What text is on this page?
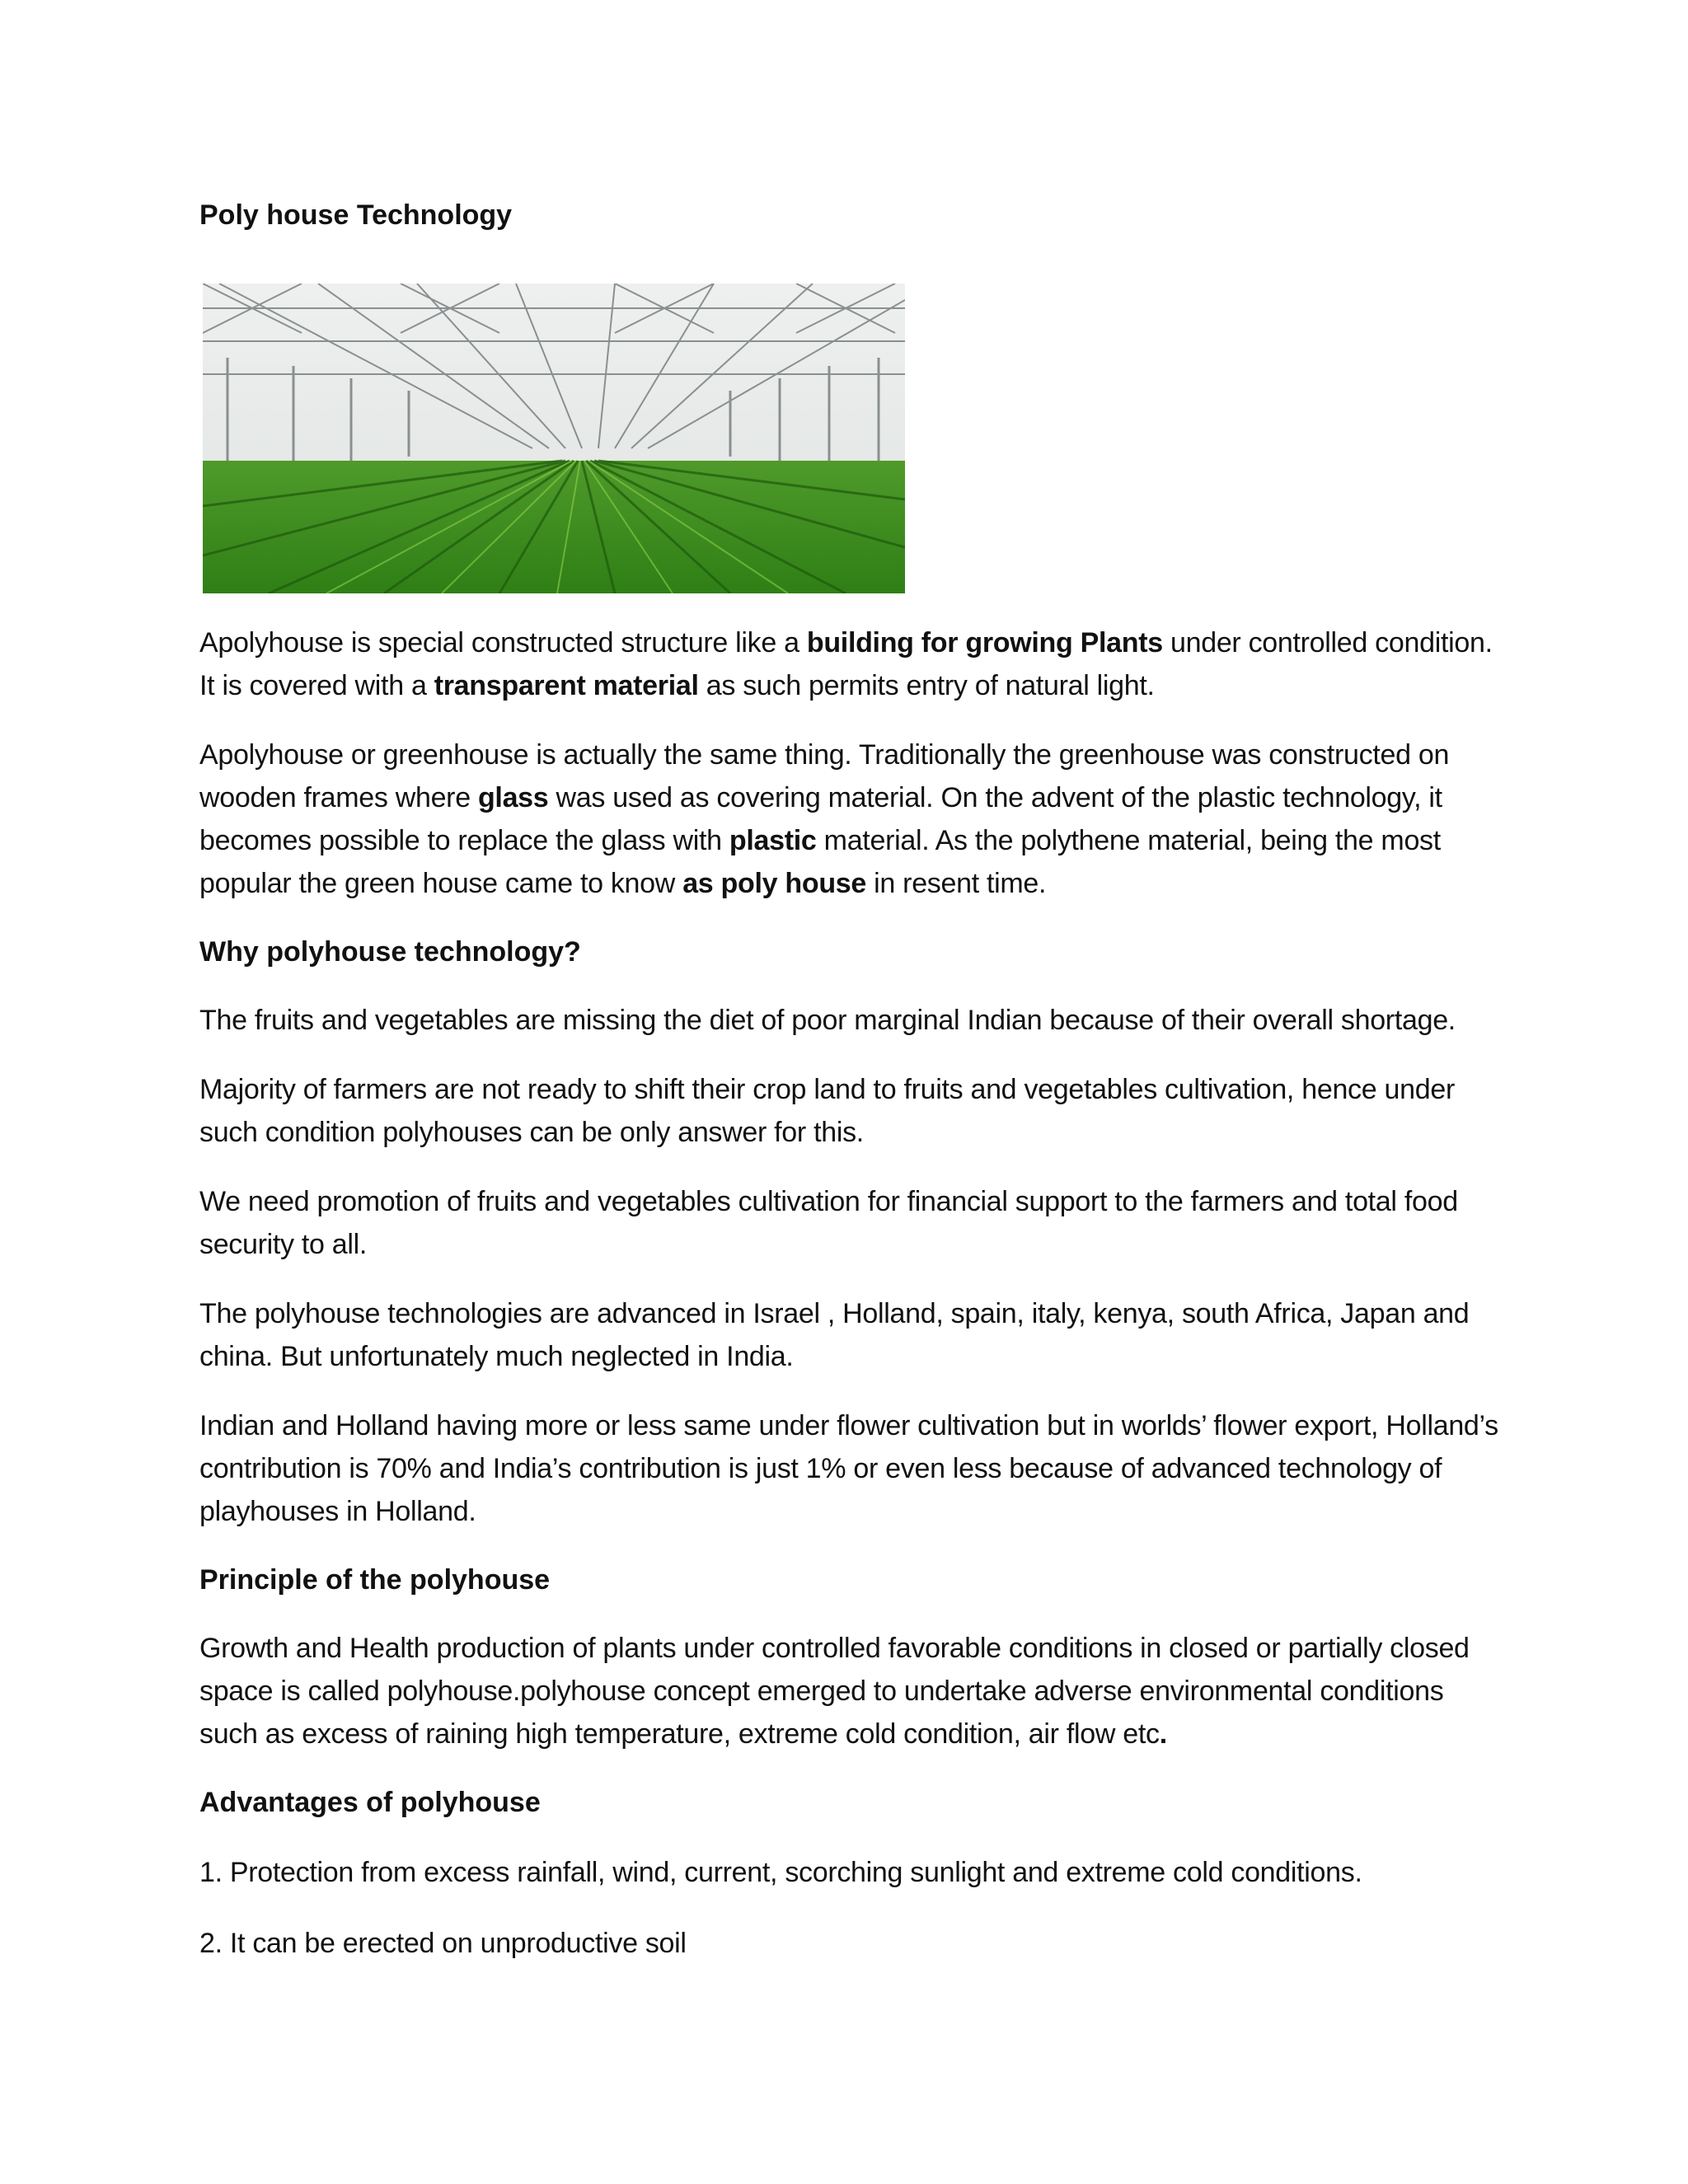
Poly house Technology

Apolyhouse is special constructed structure like a building for growing Plants under controlled condition. It is covered with a transparent material as such permits entry of natural light.

Apolyhouse or greenhouse is actually the same thing. Traditionally the greenhouse was constructed on wooden frames where glass was used as covering material. On the advent of the plastic technology, it becomes possible to replace the glass with plastic material. As the polythene material, being the most popular the green house came to know as poly house in resent time.

Why polyhouse technology?

The fruits and vegetables are missing the diet of poor marginal Indian because of their overall shortage.

Majority of farmers are not ready to shift their crop land to fruits and vegetables cultivation, hence under such condition polyhouses can be only answer for this.

We need promotion of fruits and vegetables cultivation for financial support to the farmers and total food security to all.

The polyhouse technologies are advanced in Israel , Holland, spain, italy, kenya, south Africa, Japan and china. But unfortunately much neglected in India.

Indian and Holland having more or less same under flower cultivation but in worlds’ flower export, Holland’s contribution is 70% and India’s contribution is just 1% or even less because of advanced technology of playhouses in Holland.

Principle of the polyhouse

Growth and Health production of plants under controlled favorable conditions in closed or partially closed space is called polyhouse.polyhouse concept emerged to undertake adverse environmental conditions such as excess of raining high temperature, extreme cold condition, air flow etc.

Advantages of polyhouse

1. Protection from excess rainfall, wind, current, scorching sunlight and extreme cold conditions.

2. It can be erected on unproductive soil
